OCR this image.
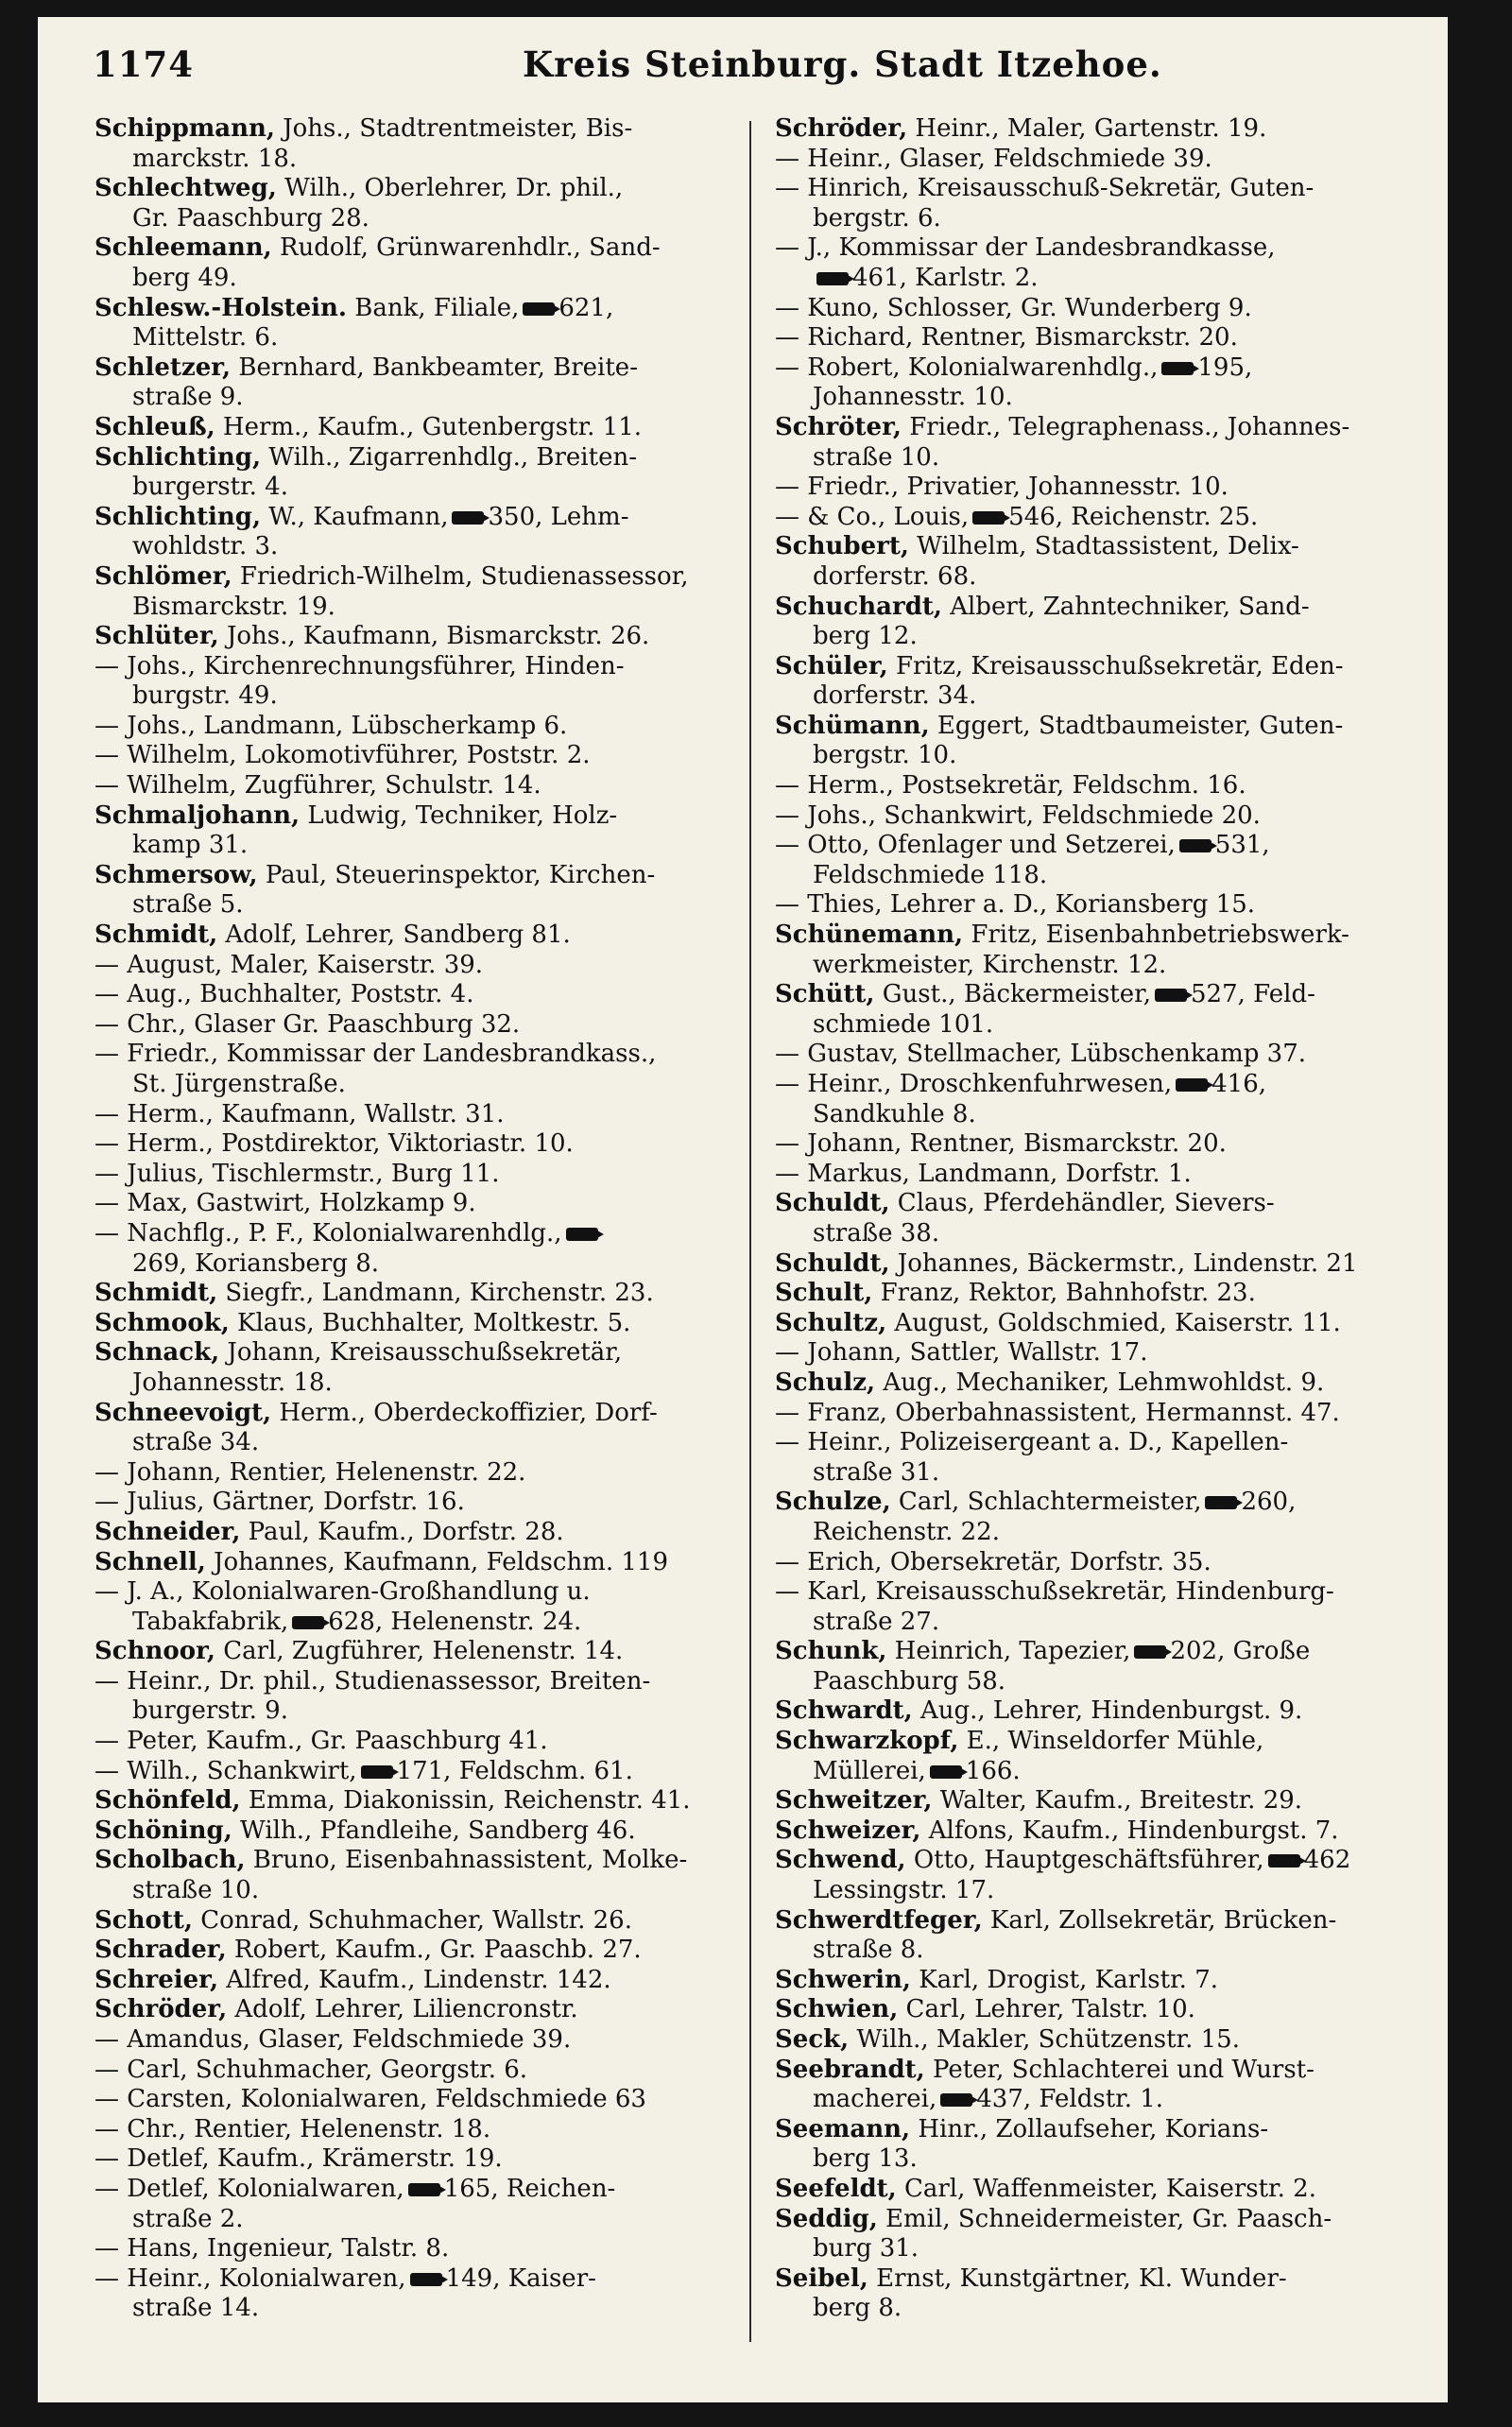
1174	Kreis Steinburg. Stadt Itzehoe.
Schippmann, Johs., Stadtrentmeister, Bis-
marckstr. 18.
Schlechtweg, Wilh., Oberlehrer, Dr. phil.,
Gr. Paaschburg 28.
Schleemann, Rudolf, Grünwarenhdlr., Sand-
berg 49.
Schlesw.-Holstein. Bank, Filiale, 621,
Mittelstr. 6.
Schletzer, Bernhard, Bankbeamter, Breite-
straße 9.
Schleuß, Herm., Kaufm., Gutenbergstr. 11.
Schlichting, Wilh., Zigarrenhdlg., Breiten-
burgerstr. 4.
Schlichting, W., Kaufmann, 350, Lehm-
wohldstr. 3.
Schlömer, Friedrich-Wilhelm, Studienassessor,
Bismarckstr. 19.
Schlüter, Johs., Kaufmann, Bismarckstr. 26.
— Johs., Kirchenrechnungsführer, Hinden-
burgstr. 49.
— Johs., Landmann, Lübscherkamp 6.
— Wilhelm, Lokomotivführer, Poststr. 2.
— Wilhelm, Zugführer, Schulstr. 14.
Schmaljohann, Ludwig, Techniker, Holz-
kamp 31.
Schmersow, Paul, Steuerinspektor, Kirchen-
straße 5.
Schmidt, Adolf, Lehrer, Sandberg 81.
— August, Maler, Kaiserstr. 39.
— Aug., Buchhalter, Poststr. 4.
— Chr., Glaser Gr. Paaschburg 32.
— Friedr., Kommissar der Landesbrandkass.,
St. Jürgenstraße.
— Herm., Kaufmann, Wallstr. 31.
— Herm., Postdirektor, Viktoriastr. 10.
— Julius, Tischlermstr., Burg 11.
— Max, Gastwirt, Holzkamp 9.
— Nachflg., P. F., Kolonialwarenhdlg.,
269, Koriansberg 8.
Schmidt, Siegfr., Landmann, Kirchenstr. 23.
Schmook, Klaus, Buchhalter, Moltkestr. 5.
Schnack, Johann, Kreisausschußsekretär,
Johannesstr. 18.
Schneevoigt, Herm., Oberdeckoffizier, Dorf-
straße 34.
— Johann, Rentier, Helenenstr. 22.
— Julius, Gärtner, Dorfstr. 16.
Schneider, Paul, Kaufm., Dorfstr. 28.
Schnell, Johannes, Kaufmann, Feldschm. 119
— J. A., Kolonialwaren-Großhandlung u.
Tabakfabrik, 628, Helenenstr. 24.
Schnoor, Carl, Zugführer, Helenenstr. 14.
— Heinr., Dr. phil., Studienassessor, Breiten-
burgerstr. 9.
— Peter, Kaufm., Gr. Paaschburg 41.
— Wilh., Schankwirt, 171, Feldschm. 61.
Schönfeld, Emma, Diakonissin, Reichenstr. 41.
Schöning, Wilh., Pfandleihe, Sandberg 46.
Scholbach, Bruno, Eisenbahnassistent, Molke-
straße 10.
Schott, Conrad, Schuhmacher, Wallstr. 26.
Schrader, Robert, Kaufm., Gr. Paaschb. 27.
Schreier, Alfred, Kaufm., Lindenstr. 142.
Schröder, Adolf, Lehrer, Liliencronstr.
— Amandus, Glaser, Feldschmiede 39.
— Carl, Schuhmacher, Georgstr. 6.
— Carsten, Kolonialwaren, Feldschmiede 63
— Chr., Rentier, Helenenstr. 18.
— Detlef, Kaufm., Krämerstr. 19.
— Detlef, Kolonialwaren, 165, Reichen-
straße 2.
— Hans, Ingenieur, Talstr. 8.
— Heinr., Kolonialwaren, 149, Kaiser-
straße 14.
Schröder, Heinr., Maler, Gartenstr. 19.
— Heinr., Glaser, Feldschmiede 39.
— Hinrich, Kreisausschuß-Sekretär, Guten-
bergstr. 6.
— J., Kommissar der Landesbrandkasse,
461, Karlstr. 2.
— Kuno, Schlosser, Gr. Wunderberg 9.
— Richard, Rentner, Bismarckstr. 20.
— Robert, Kolonialwarenhdlg., 195,
Johannesstr. 10.
Schröter, Friedr., Telegraphenass., Johannes-
straße 10.
— Friedr., Privatier, Johannesstr. 10.
— & Co., Louis, 546, Reichenstr. 25.
Schubert, Wilhelm, Stadtassistent, Delix-
dorferstr. 68.
Schuchardt, Albert, Zahntechniker, Sand-
berg 12.
Schüler, Fritz, Kreisausschußsekretär, Eden-
dorferstr. 34.
Schümann, Eggert, Stadtbaumeister, Guten-
bergstr. 10.
— Herm., Postsekretär, Feldschm. 16.
— Johs., Schankwirt, Feldschmiede 20.
— Otto, Ofenlager und Setzerei, 531,
Feldschmiede 118.
— Thies, Lehrer a. D., Koriansberg 15.
Schünemann, Fritz, Eisenbahnbetriebswerk-
werkmeister, Kirchenstr. 12.
Schütt, Gust., Bäckermeister, 527, Feld-
schmiede 101.
— Gustav, Stellmacher, Lübschenkamp 37.
— Heinr., Droschkenfuhrwesen, 416,
Sandkuhle 8.
— Johann, Rentner, Bismarckstr. 20.
— Markus, Landmann, Dorfstr. 1.
Schuldt, Claus, Pferdehändler, Sievers-
straße 38.
Schuldt, Johannes, Bäckermstr., Lindenstr. 21
Schult, Franz, Rektor, Bahnhofstr. 23.
Schultz, August, Goldschmied, Kaiserstr. 11.
— Johann, Sattler, Wallstr. 17.
Schulz, Aug., Mechaniker, Lehmwohldst. 9.
— Franz, Oberbahnassistent, Hermannst. 47.
— Heinr., Polizeisergeant a. D., Kapellen-
straße 31.
Schulze, Carl, Schlachtermeister, 260,
Reichenstr. 22.
— Erich, Obersekretär, Dorfstr. 35.
— Karl, Kreisausschußsekretär, Hindenburg-
straße 27.
Schunk, Heinrich, Tapezier, 202, Große
Paaschburg 58.
Schwardt, Aug., Lehrer, Hindenburgst. 9.
Schwarzkopf, E., Winseldorfer Mühle,
Müllerei, 166.
Schweitzer, Walter, Kaufm., Breitestr. 29.
Schweizer, Alfons, Kaufm., Hindenburgst. 7.
Schwend, Otto, Hauptgeschäftsführer, 462
Lessingstr. 17.
Schwerdtfeger, Karl, Zollsekretär, Brücken-
straße 8.
Schwerin, Karl, Drogist, Karlstr. 7.
Schwien, Carl, Lehrer, Talstr. 10.
Seck, Wilh., Makler, Schützenstr. 15.
Seebrandt, Peter, Schlachterei und Wurst-
macherei, 437, Feldstr. 1.
Seemann, Hinr., Zollaufseher, Korians-
berg 13.
Seefeldt, Carl, Waffenmeister, Kaiserstr. 2.
Seddig, Emil, Schneidermeister, Gr. Paasch-
burg 31.
Seibel, Ernst, Kunstgärtner, Kl. Wunder-
berg 8.
